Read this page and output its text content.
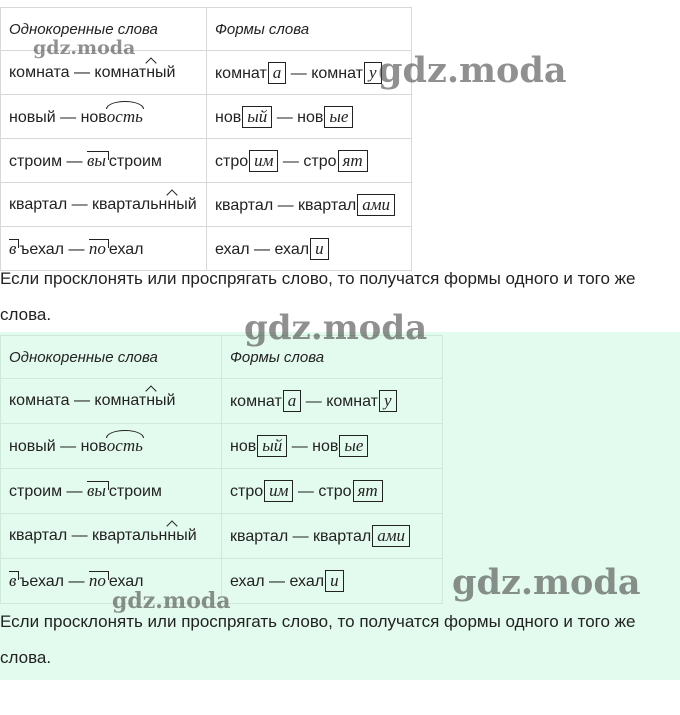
Однокоренные слова	Формы слова
комната — комнатный	комнат а — комнат у
новый — новость	нов ый — нов ые
строим — вы строим	стро им — стро ят
квартал — квартальнный	квартал — квартал ами
в ъехал — по ехал	ехал — ехал и
Если просклонять или проспрягать слово, то получатся формы одного и того же слова.
Однокоренные слова	Формы слова
комната — комнатный	комнат а — комнат у
новый — новость	нов ый — нов ые
строим — вы строим	стро им — стро ят
квартал — квартальнный	квартал — квартал ами
в ъехал — по ехал	ехал — ехал и
Если просклонять или проспрягать слово, то получатся формы одного и того же слова.
gdz.moda
gdz.moda
gdz.moda
gdz.moda
gdz.moda
